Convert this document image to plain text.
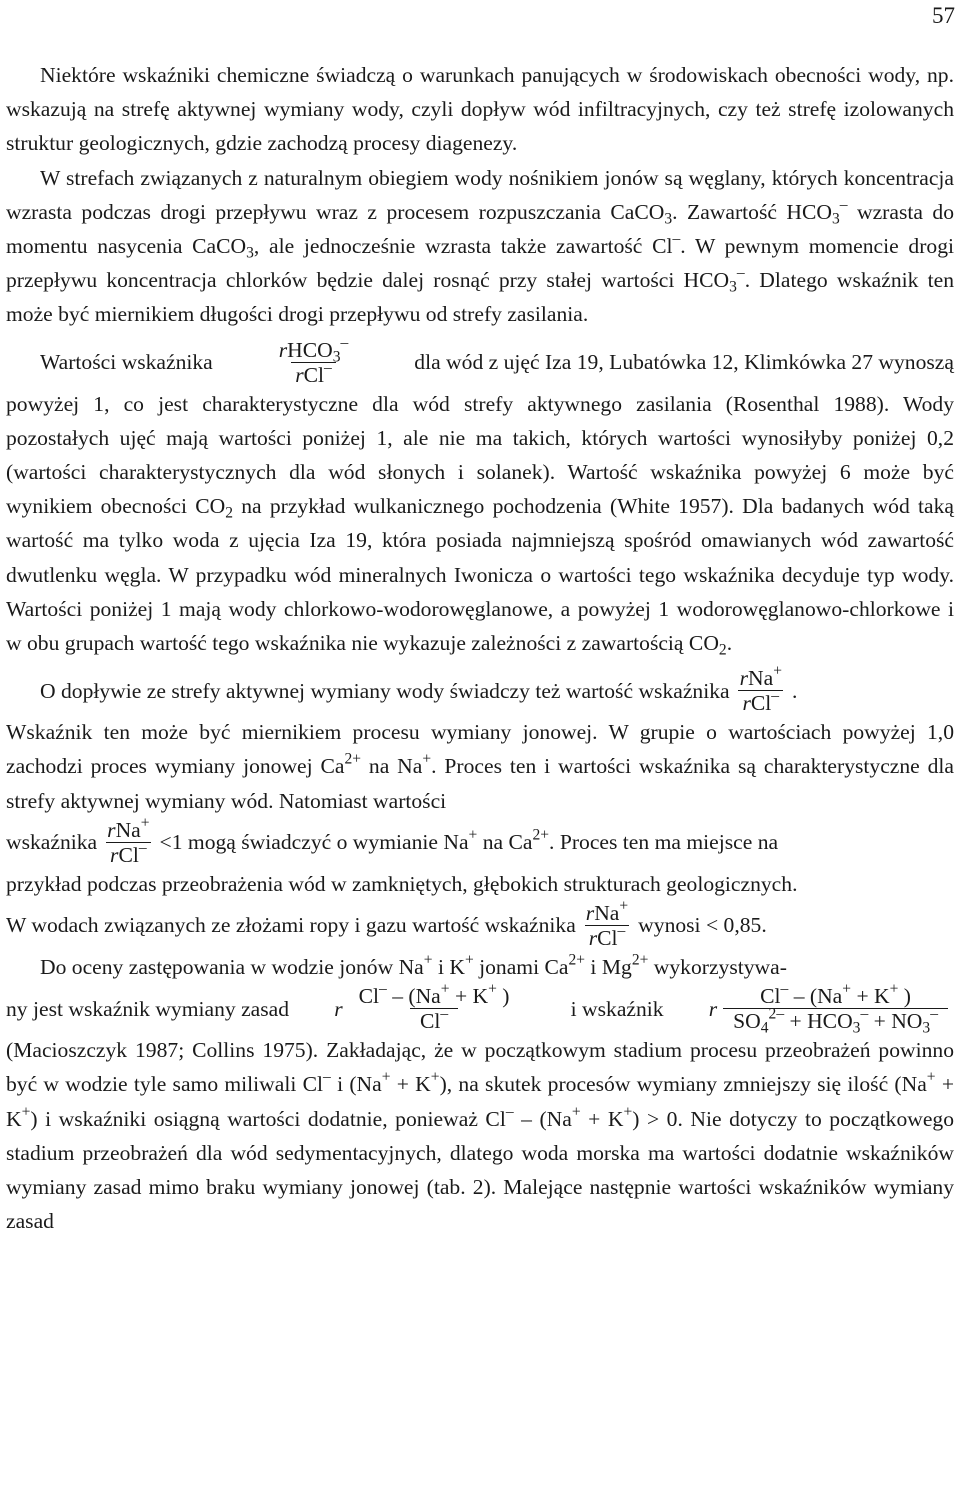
57

Niektóre wskaźniki chemiczne świadczą o warunkach panujących w środowiskach obecności wody, np. wskazują na strefę aktywnej wymiany wody, czyli dopływ wód infiltracyjnych, czy też strefę izolowanych struktur geologicznych, gdzie zachodzą procesy diagenezy.

W strefach związanych z naturalnym obiegiem wody nośnikiem jonów są węglany, których koncentracja wzrasta podczas drogi przepływu wraz z procesem rozpuszczania CaCO$_3$. Zawartość $HCO_3^-$ wzrasta do momentu nasycenia CaCO$_3$, ale jednocześnie wzrasta także zawartość Cl–. W pewnym momencie drogi przepływu koncentracja chlorków będzie dalej rosnąć przy stałej wartości $HCO_3^-$. Dlatego wskaźnik ten może być miernikiem długości drogi przepływu od strefy zasilania.

Wartości wskaźnika	$\frac{rHCO_3^-}{rCl^-}$	dla wód z ujęć Iza 19, Lubatówka 12, Klimkówka 27 wynoszą

powyżej 1, co jest charakterystyczne dla wód strefy aktywnego zasilania (Rosenthal 1988). Wody pozostałych ujęć mają wartości poniżej 1, ale nie ma takich, których wartości wynosiłyby poniżej 0,2 (wartości charakterystycznych dla wód słonych i solanek). Wartość wskaźnika powyżej 6 może być wynikiem obecności $CO_2$ na przykład wulkanicznego pochodzenia (White 1957). Dla badanych wód taką wartość ma tylko woda z ujęcia Iza 19, która posiada najmniejszą spośród omawianych wód zawartość dwutlenku węgla. W przypadku wód mineralnych Iwonicza o wartości tego wskaźnika decyduje typ wody. Wartości poniżej 1 mają wody chlorkowo-wodorowęglanowe, a powyżej 1 wodorowęglanowo-chlorkowe i w obu grupach wartość tego wskaźnika nie wykazuje zależności z zawartością $CO_2$.

O dopływie ze strefy aktywnej wymiany wody świadczy też wartość wskaźnika $\frac{rNa^+}{rCl^-}$ .

Wskaźnik ten może być miernikiem procesu wymiany jonowej. W grupie o wartościach powyżej 1,0 zachodzi proces wymiany jonowej $Ca^{2+}$ na Na+. Proces ten i wartości wskaźnika są charakterystyczne dla strefy aktywnej wymiany wód. Natomiast wartości

wskaźnika $\frac{rNa^+}{rCl^-} <1$ mogą świadczyć o wymianie Na+ na $Ca^{2+}$. Proces ten ma miejsce na

przykład podczas przeobrażenia wód w zamkniętych, głębokich strukturach geologicznych.

W wodach związanych ze złożami ropy i gazu wartość wskaźnika $\frac{rNa^+}{rCl^-}$ wynosi < 0,85.

Do oceny zastępowania w wodzie jonów Na+ i K+ jonami $Ca^{2+}$ i $Mg^{2+}$ wykorzystywa-

ny jest wskaźnik wymiany zasad r $\frac{Cl^- - (Na^+ + K^+ )}{Cl^-}$ i wskaźnik r $\frac{Cl^- - (Na^+ + K^+ )}{SO_4^{2-} + HCO_3^- + NO_3^-}$

(Macioszczyk 1987; Collins 1975). Zakładając, że w początkowym stadium procesu przeobrażeń powinno być w wodzie tyle samo miliwali Cl– i (Na+ + K+), na skutek procesów wymiany zmniejszy się ilość (Na+ + K+) i wskaźniki osiągną wartości dodatnie, ponieważ Cl– – (Na+ + K+) > 0. Nie dotyczy to początkowego stadium przeobrażeń dla wód sedymentacyjnych, dlatego woda morska ma wartości dodatnie wskaźników wymiany zasad mimo braku wymiany jonowej (tab. 2). Malejące następnie wartości wskaźników wymiany zasad
